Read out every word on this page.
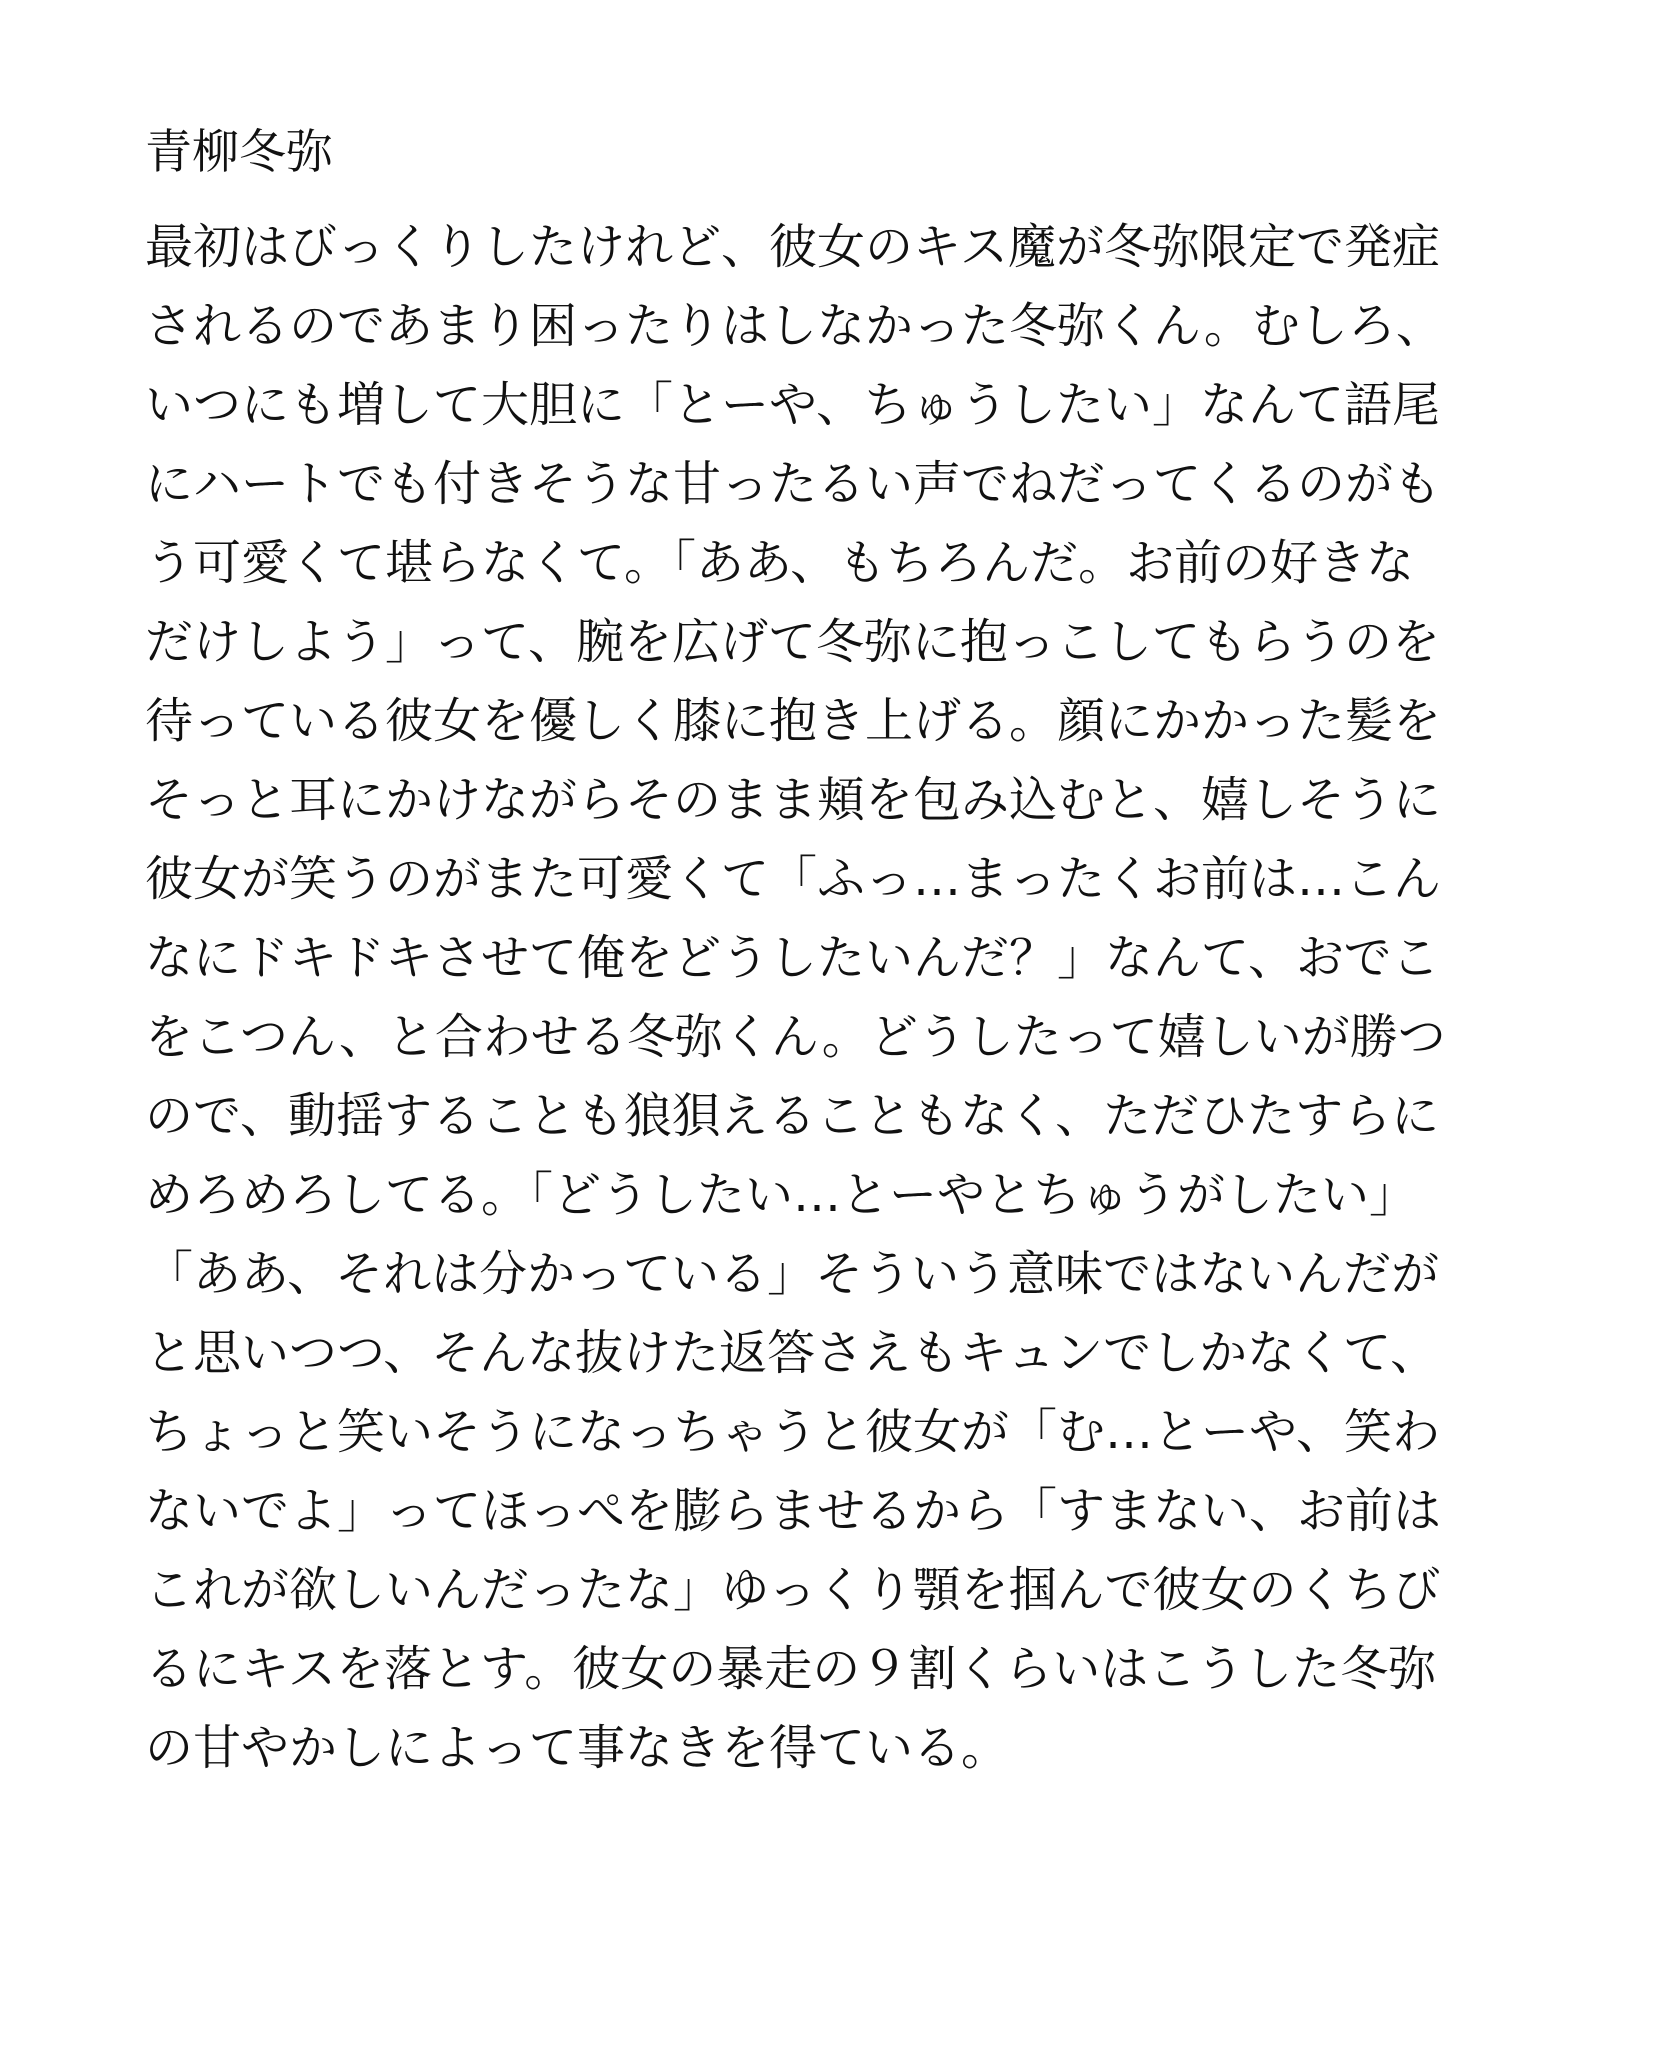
青柳冬弥
最初はびっくりしたけれど、彼女のキス魔が冬弥限定で発症
されるのであまり困ったりはしなかった冬弥くん。むしろ、
いつにも増して大胆に「とーや、ちゅうしたい」なんて語尾
にハートでも付きそうな甘ったるい声でねだってくるのがも
う可愛くて堪らなくて。「ああ、もちろんだ。お前の好きな
だけしよう」って、腕を広げて冬弥に抱っこしてもらうのを
待っている彼女を優しく膝に抱き上げる。顔にかかった髪を
そっと耳にかけながらそのまま頬を包み込むと、嬉しそうに
彼女が笑うのがまた可愛くて「ふっ…まったくお前は…こん
なにドキドキさせて俺をどうしたいんだ？」なんて、おでこ
をこつん、と合わせる冬弥くん。どうしたって嬉しいが勝つ
ので、動揺することも狼狽えることもなく、ただひたすらに
めろめろしてる。「どうしたい…とーやとちゅうがしたい」
「ああ、それは分かっている」そういう意味ではないんだが
と思いつつ、そんな抜けた返答さえもキュンでしかなくて、
ちょっと笑いそうになっちゃうと彼女が「む…とーや、笑わ
ないでよ」ってほっぺを膨らませるから「すまない、お前は
これが欲しいんだったな」ゆっくり顎を掴んで彼女のくちび
るにキスを落とす。彼女の暴走の９割くらいはこうした冬弥
の甘やかしによって事なきを得ている。
